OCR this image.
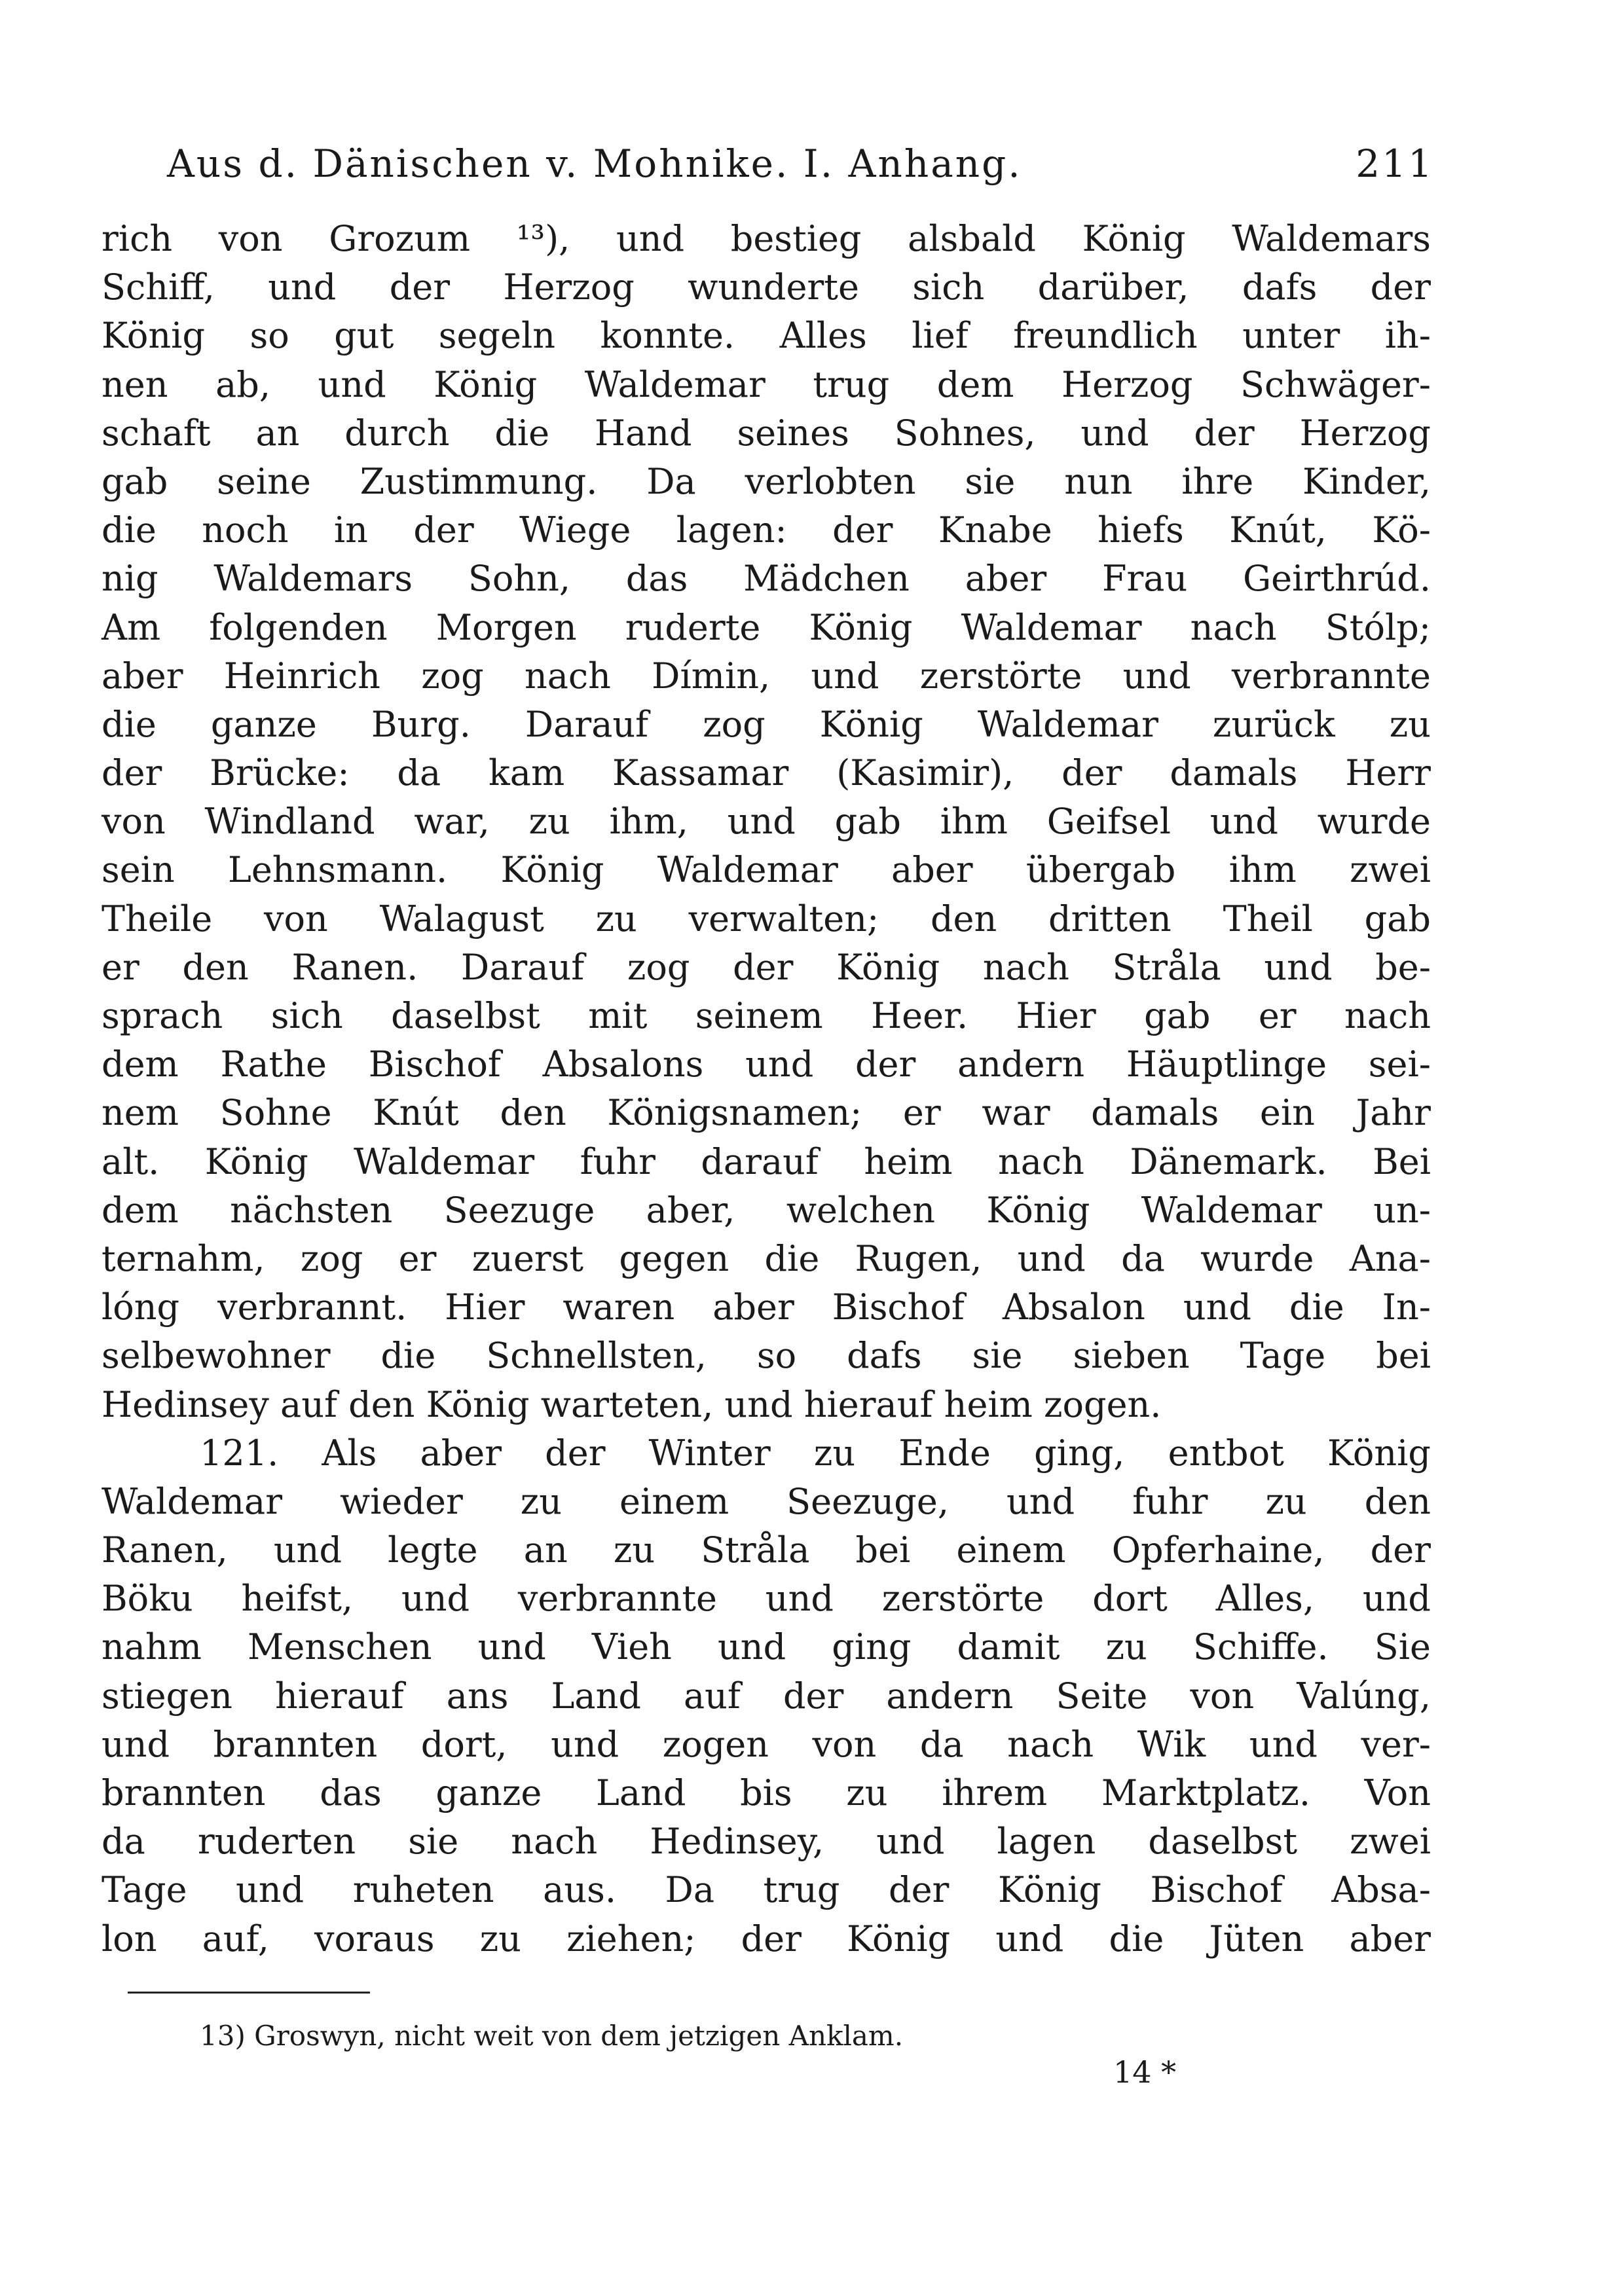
Aus d. Dänischen v. Mohnike. I. Anhang.	211
rich von Grozum ¹³), und bestieg alsbald König Waldemars
Schiff, und der Herzog wunderte sich darüber, dafs der
König so gut segeln konnte. Alles lief freundlich unter ih-
nen ab, und König Waldemar trug dem Herzog Schwäger-
schaft an durch die Hand seines Sohnes, und der Herzog
gab seine Zustimmung. Da verlobten sie nun ihre Kinder,
die noch in der Wiege lagen: der Knabe hiefs Knút, Kö-
nig Waldemars Sohn, das Mädchen aber Frau Geirthrúd.
Am folgenden Morgen ruderte König Waldemar nach Stólp;
aber Heinrich zog nach Dímin, und zerstörte und verbrannte
die ganze Burg. Darauf zog König Waldemar zurück zu
der Brücke: da kam Kassamar (Kasimir), der damals Herr
von Windland war, zu ihm, und gab ihm Geifsel und wurde
sein Lehnsmann. König Waldemar aber übergab ihm zwei
Theile von Walagust zu verwalten; den dritten Theil gab
er den Ranen. Darauf zog der König nach Stråla und be-
sprach sich daselbst mit seinem Heer. Hier gab er nach
dem Rathe Bischof Absalons und der andern Häuptlinge sei-
nem Sohne Knút den Königsnamen; er war damals ein Jahr
alt. König Waldemar fuhr darauf heim nach Dänemark. Bei
dem nächsten Seezuge aber, welchen König Waldemar un-
ternahm, zog er zuerst gegen die Rugen, und da wurde Ana-
lóng verbrannt. Hier waren aber Bischof Absalon und die In-
selbewohner die Schnellsten, so dafs sie sieben Tage bei
Hedinsey auf den König warteten, und hierauf heim zogen.
121. Als aber der Winter zu Ende ging, entbot König
Waldemar wieder zu einem Seezuge, und fuhr zu den
Ranen, und legte an zu Stråla bei einem Opferhaine, der
Böku heifst, und verbrannte und zerstörte dort Alles, und
nahm Menschen und Vieh und ging damit zu Schiffe. Sie
stiegen hierauf ans Land auf der andern Seite von Valúng,
und brannten dort, und zogen von da nach Wik und ver-
brannten das ganze Land bis zu ihrem Marktplatz. Von
da ruderten sie nach Hedinsey, und lagen daselbst zwei
Tage und ruheten aus. Da trug der König Bischof Absa-
lon auf, voraus zu ziehen; der König und die Jüten aber
13) Groswyn, nicht weit von dem jetzigen Anklam.
14 *
